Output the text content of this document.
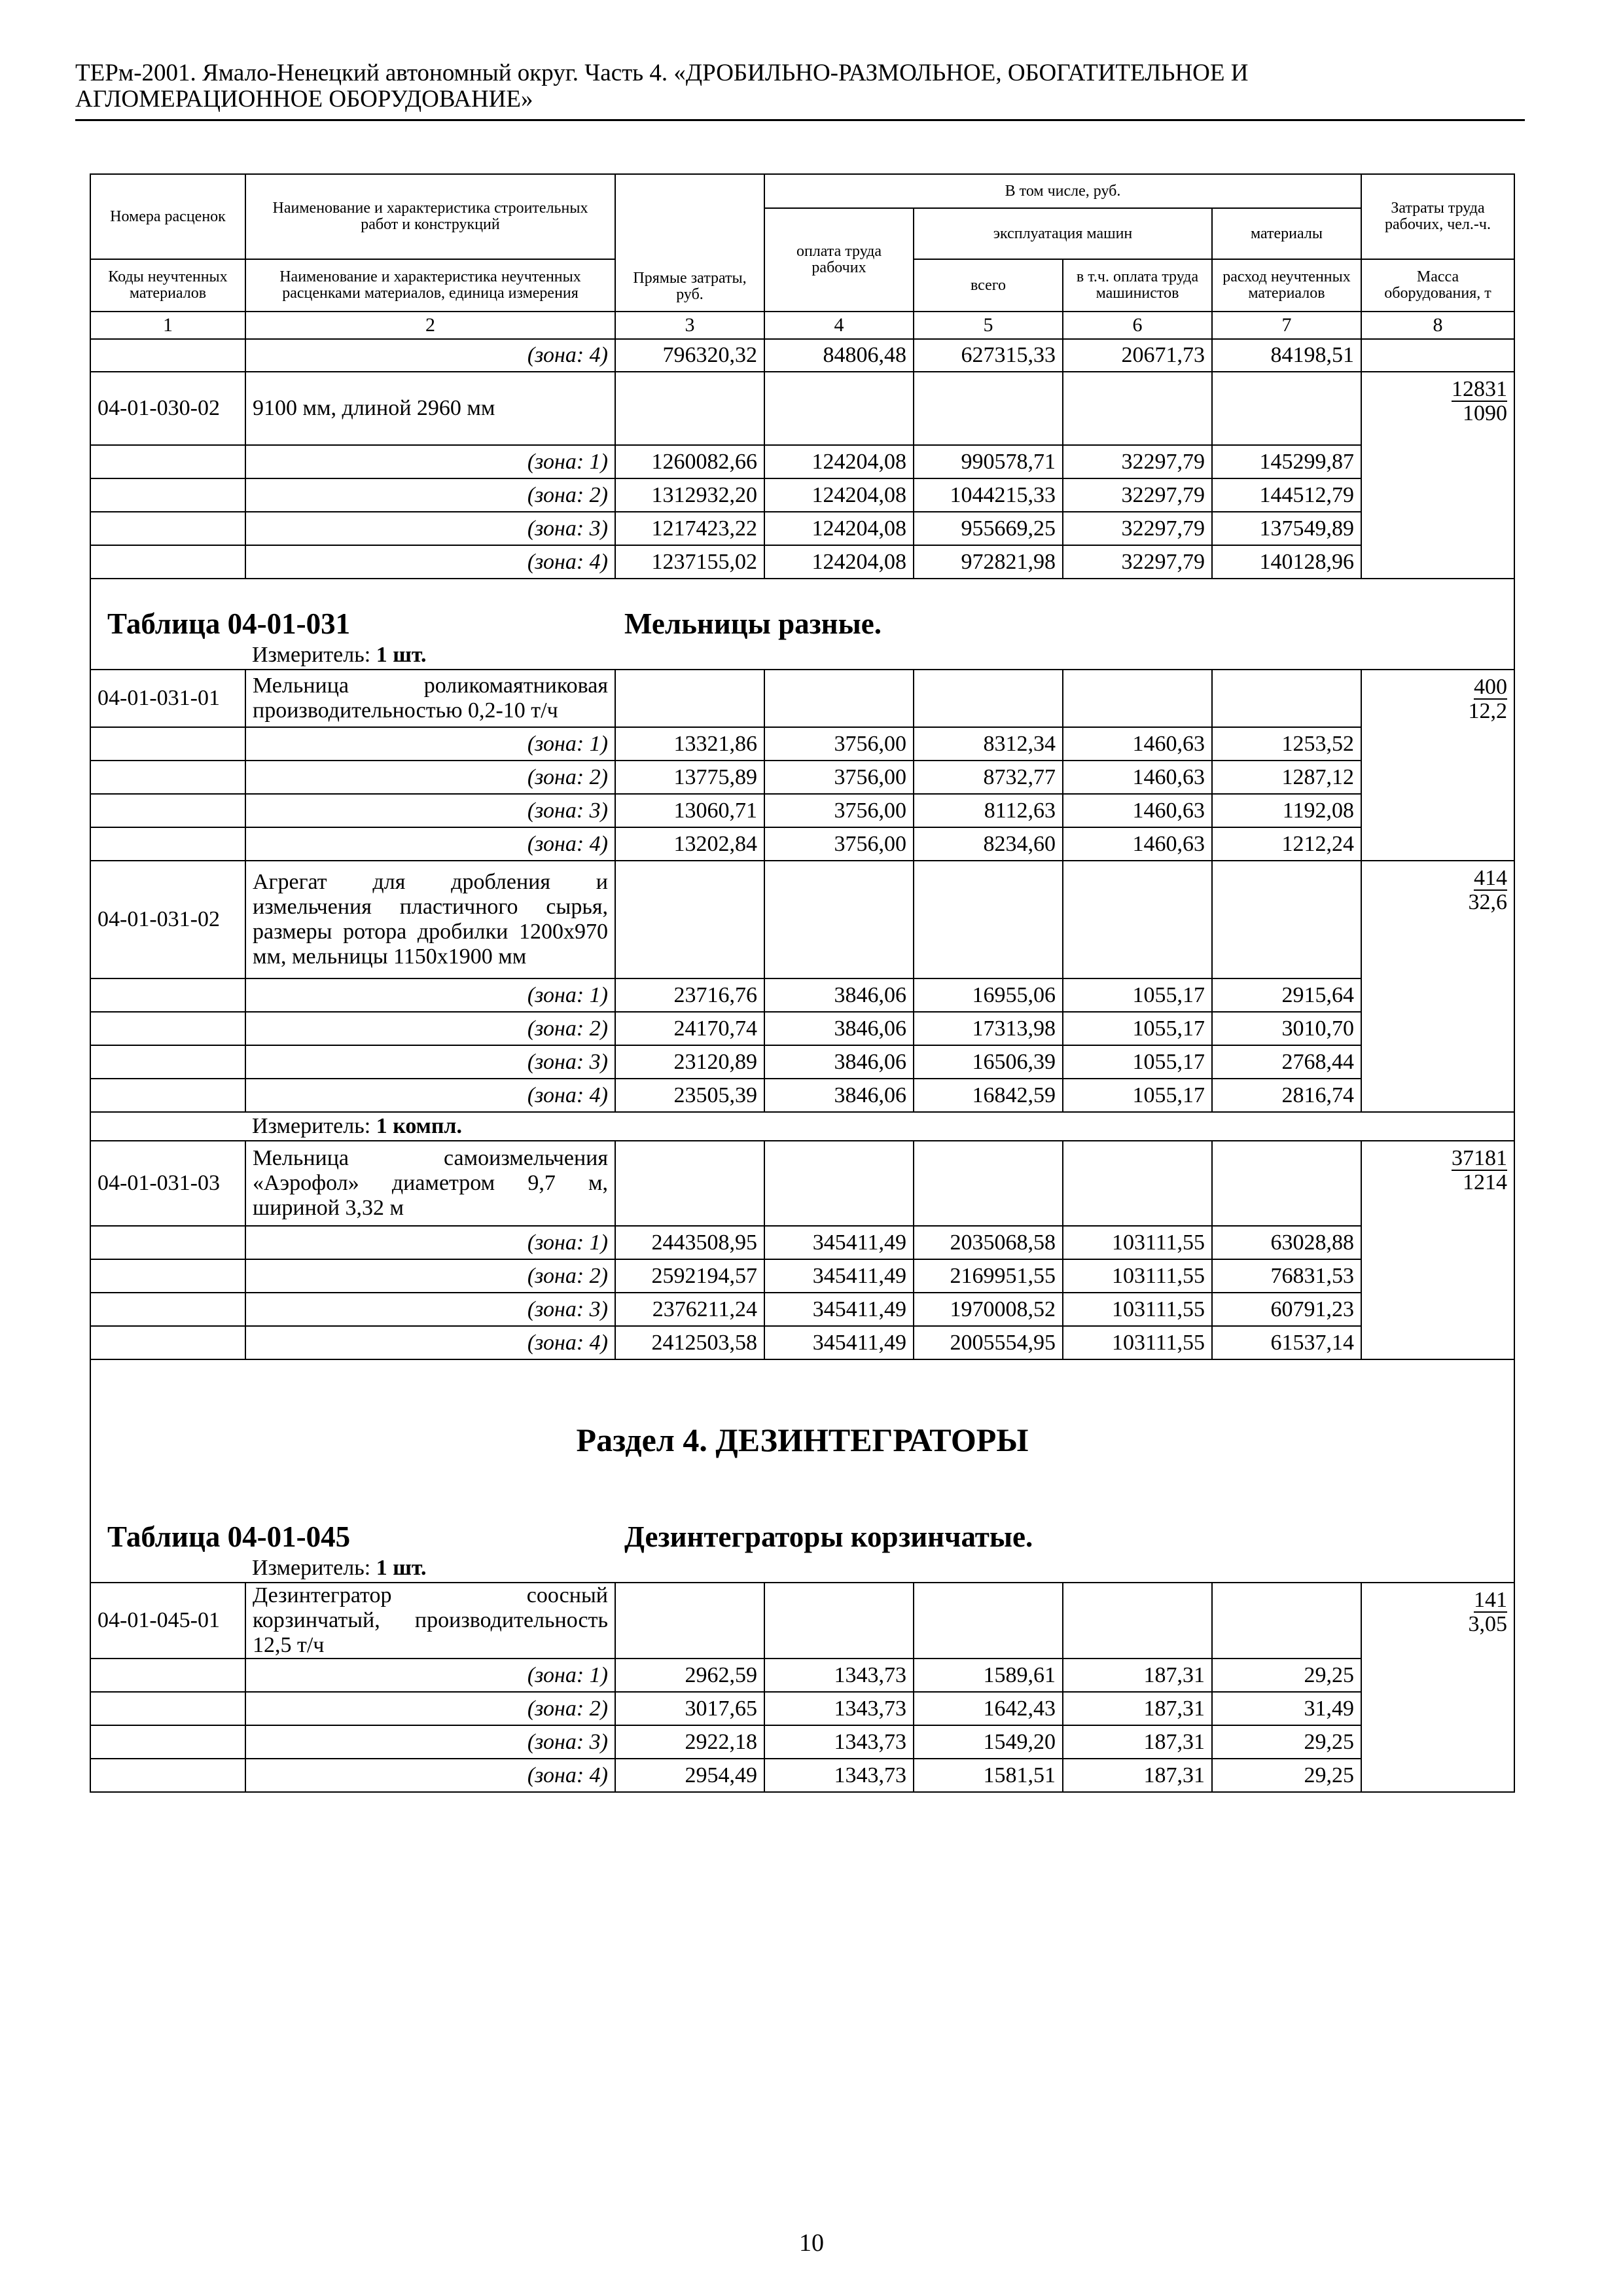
ТЕРм-2001. Ямало-Ненецкий автономный округ. Часть 4. «ДРОБИЛЬНО-РАЗМОЛЬНОЕ, ОБОГАТИТЕЛЬНОЕ И
АГЛОМЕРАЦИОННОЕ ОБОРУДОВАНИЕ»
Номера расценок	Наименование и характеристика строительных работ и конструкций	Прямые затраты, руб.	В том числе, руб.				Затраты труда рабочих, чел.-ч.
			оплата труда рабочих	эксплуатация машин		материалы	
Коды неучтенных материалов	Наименование и характеристика неучтенных расценками материалов, единица измерения			всего	в т.ч. оплата труда машинистов	расход неучтенных материалов	Масса оборудования, т
1	2	3	4	5	6	7	8
	(зона: 4)	796320,32	84806,48	627315,33	20671,73	84198,51	
04-01-030-02	9100 мм, длиной 2960 мм						12831
1090

	(зона: 1)	1260082,66	124204,08	990578,71	32297,79	145299,87	
	(зона: 2)	1312932,20	124204,08	1044215,33	32297,79	144512,79	
	(зона: 3)	1217423,22	124204,08	955669,25	32297,79	137549,89	
	(зона: 4)	1237155,02	124204,08	972821,98	32297,79	140128,96	
Таблица 04-01-031 Мельницы разные.							
	Измеритель: 1 шт.						
04-01-031-01	Мельница роликомаятниковая производительностью 0,2-10 т/ч						400
12,2

	(зона: 1)	13321,86	3756,00	8312,34	1460,63	1253,52	
	(зона: 2)	13775,89	3756,00	8732,77	1460,63	1287,12	
	(зона: 3)	13060,71	3756,00	8112,63	1460,63	1192,08	
	(зона: 4)	13202,84	3756,00	8234,60	1460,63	1212,24	
04-01-031-02	Агрегат для дробления и измельчения пластичного сырья, размеры ротора дробилки 1200х970 мм, мельницы 1150х1900 мм						414
32,6

	(зона: 1)	23716,76	3846,06	16955,06	1055,17	2915,64	
	(зона: 2)	24170,74	3846,06	17313,98	1055,17	3010,70	
	(зона: 3)	23120,89	3846,06	16506,39	1055,17	2768,44	
	(зона: 4)	23505,39	3846,06	16842,59	1055,17	2816,74	
	Измеритель: 1 компл.						
04-01-031-03	Мельница самоизмельчения «Аэрофол» диаметром 9,7 м, шириной 3,32 м						37181
1214

	(зона: 1)	2443508,95	345411,49	2035068,58	103111,55	63028,88	
	(зона: 2)	2592194,57	345411,49	2169951,55	103111,55	76831,53	
	(зона: 3)	2376211,24	345411,49	1970008,52	103111,55	60791,23	
	(зона: 4)	2412503,58	345411,49	2005554,95	103111,55	61537,14	
Раздел 4. ДЕЗИНТЕГРАТОРЫ							
Таблица 04-01-045 Дезинтеграторы корзинчатые.							
	Измеритель: 1 шт.						
04-01-045-01	Дезинтегратор соосный корзинчатый, производительность 12,5 т/ч						141
3,05

	(зона: 1)	2962,59	1343,73	1589,61	187,31	29,25	
	(зона: 2)	3017,65	1343,73	1642,43	187,31	31,49	
	(зона: 3)	2922,18	1343,73	1549,20	187,31	29,25	
	(зона: 4)	2954,49	1343,73	1581,51	187,31	29,25	
10
